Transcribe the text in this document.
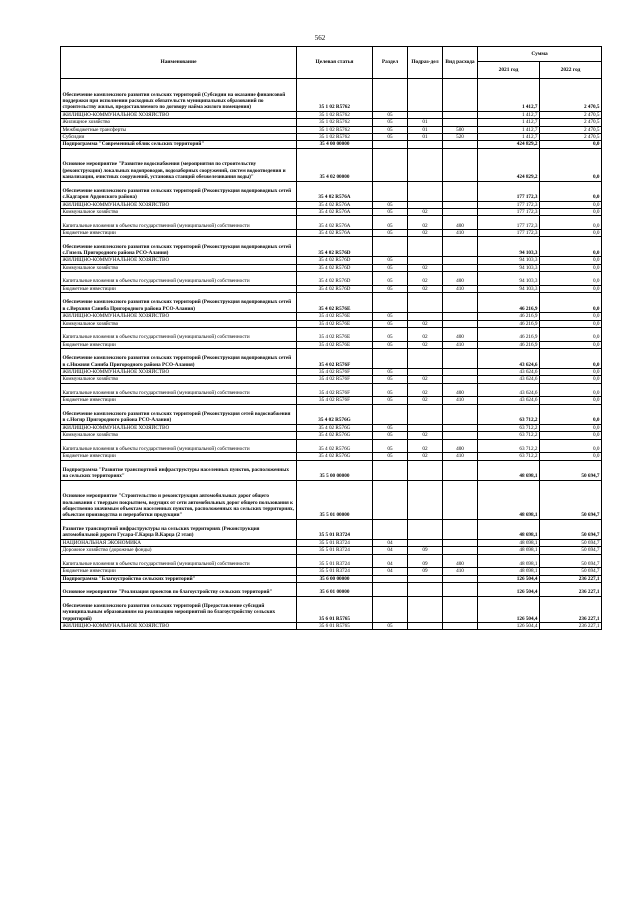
562
Наименование	Целевая статья	Раздел	Подраз-дел	Вид расхода	Сумма	
					2021 год	2022 год
Обеспечение комплексного развития сельских территорий (Субсидии на оказание финансовой поддержки при исполнении расходных обязательств муниципальных образований по строительству жилья, предоставляемого по договору найма жилого помещения)	35 1 02 R5762				1 412,7	2 470,5
ЖИЛИЩНО-КОММУНАЛЬНОЕ ХОЗЯЙСТВО	35 1 02 R5762	05			1 412,7	2 470,5
Жилищное хозяйство	35 1 02 R5762	05	01		1 412,7	2 470,5
Межбюджетные трансферты	35 1 02 R5762	05	01	500	1 412,7	2 470,5
Субсидии	35 1 02 R5762	05	01	520	1 412,7	2 470,5
Подпрограмма "Современный облик сельских территорий"	35 4 00 00000				424 829,2	0,0
Основное мероприятие "Развитие водоснабжения (мероприятия по строительству (реконструкции) локальных водопроводов, водозаборных сооружений, систем водоотведения и канализации, очистных сооружений, установка станций обезжелезивания воды)"	35 4 02 00000				424 829,2	0,0
Обеспечение комплексного развития сельских территорий (Реконструкция водопроводных сетей с.Кадгарон Ардонского района)	35 4 02 R576A				177 172,3	0,0
ЖИЛИЩНО-КОММУНАЛЬНОЕ ХОЗЯЙСТВО	35 4 02 R576A	05			177 172,3	0,0
Коммунальное хозяйство	35 4 02 R576A	05	02		177 172,3	0,0
Капитальные вложения в объекты государственной (муниципальной) собственности	35 4 02 R576A	05	02	400	177 172,3	0,0
Бюджетные инвестиции	35 4 02 R576A	05	02	410	177 172,3	0,0
Обеспечение комплексного развития сельских территорий (Реконструкция водопроводных сетей с.Гизель Пригородного района РСО-Алания)	35 4 02 R576D				94 103,3	0,0
ЖИЛИЩНО-КОММУНАЛЬНОЕ ХОЗЯЙСТВО	35 4 02 R576D	05			94 103,3	0,0
Коммунальное хозяйство	35 4 02 R576D	05	02		94 103,3	0,0
Капитальные вложения в объекты государственной (муниципальной) собственности	35 4 02 R576D	05	02	400	94 103,3	0,0
Бюджетные инвестиции	35 4 02 R576D	05	02	410	94 103,3	0,0
Обеспечение комплексного развития сельских территорий (Реконструкция водопроводных сетей в с.Верхняя Саниба Пригородного района РСО-Алания)	35 4 02 R576E				46 216,9	0,0
ЖИЛИЩНО-КОММУНАЛЬНОЕ ХОЗЯЙСТВО	35 4 02 R576E	05			46 216,9	0,0
Коммунальное хозяйство	35 4 02 R576E	05	02		46 216,9	0,0
Капитальные вложения в объекты государственной (муниципальной) собственности	35 4 02 R576E	05	02	400	46 216,9	0,0
Бюджетные инвестиции	35 4 02 R576E	05	02	410	46 216,9	0,0
Обеспечение комплексного развития сельских территорий (Реконструкция водопроводных сетей в с.Нижняя Саниба Пригородного района РСО-Алания)	35 4 02 R576F				43 624,6	0,0
ЖИЛИЩНО-КОММУНАЛЬНОЕ ХОЗЯЙСТВО	35 4 02 R576F	05			43 624,6	0,0
Коммунальное хозяйство	35 4 02 R576F	05	02		43 624,6	0,0
Капитальные вложения в объекты государственной (муниципальной) собственности	35 4 02 R576F	05	02	400	43 624,6	0,0
Бюджетные инвестиции	35 4 02 R576F	05	02	410	43 624,6	0,0
Обеспечение комплексного развития сельских территорий (Реконструкция сетей водоснабжения в с.Ногир Пригородного района РСО-Алания)	35 4 02 R576G				63 712,2	0,0
ЖИЛИЩНО-КОММУНАЛЬНОЕ ХОЗЯЙСТВО	35 4 02 R576G	05			63 712,2	0,0
Коммунальное хозяйство	35 4 02 R576G	05	02		63 712,2	0,0
Капитальные вложения в объекты государственной (муниципальной) собственности	35 4 02 R576G	05	02	400	63 712,2	0,0
Бюджетные инвестиции	35 4 02 R576G	05	02	410	63 712,2	0,0
Подпрограмма "Развитие транспортной инфраструктуры населенных пунктов, расположенных на сельских территориях"	35 5 00 00000				48 698,1	50 694,7
Основное мероприятие "Строительство и реконструкция автомобильных дорог общего пользования с твердым покрытием, ведущих от сети автомобильных дорог общего пользования к общественно значимым объектам населенных пунктов, расположенных на сельских территориях, объектам производства и переработки продукции"	35 5 01 00000				48 698,1	50 694,7
Развитие транспортной инфраструктуры на сельских территориях (Реконструкция автомобильной дороги Гусара-Г.Карца В.Карца (2 этап)	35 5 01 R3724				48 698,1	50 694,7
НАЦИОНАЛЬНАЯ ЭКОНОМИКА	35 5 01 R3724	04			48 698,1	50 694,7
Дорожное хозяйство (дорожные фонды)	35 5 01 R3724	04	09		48 698,1	50 694,7
Капитальные вложения в объекты государственной (муниципальной) собственности	35 5 01 R3724	04	09	400	48 698,1	50 694,7
Бюджетные инвестиции	35 5 01 R3724	04	09	410	48 698,1	50 694,7
Подпрограмма "Благоустройство сельских территорий"	35 6 00 00000				126 504,4	236 227,1
Основное мероприятие "Реализация проектов по благоустройству сельских территорий"	35 6 01 00000				126 504,4	236 227,1
Обеспечение комплексного развития сельских территорий (Предоставление субсидий муниципальным образованиям на реализацию мероприятий по благоустройству сельских территорий)	35 6 01 R5765				126 504,4	236 227,1
ЖИЛИЩНО-КОММУНАЛЬНОЕ ХОЗЯЙСТВО	35 6 01 R5765	05			126 504,4	236 227,1
